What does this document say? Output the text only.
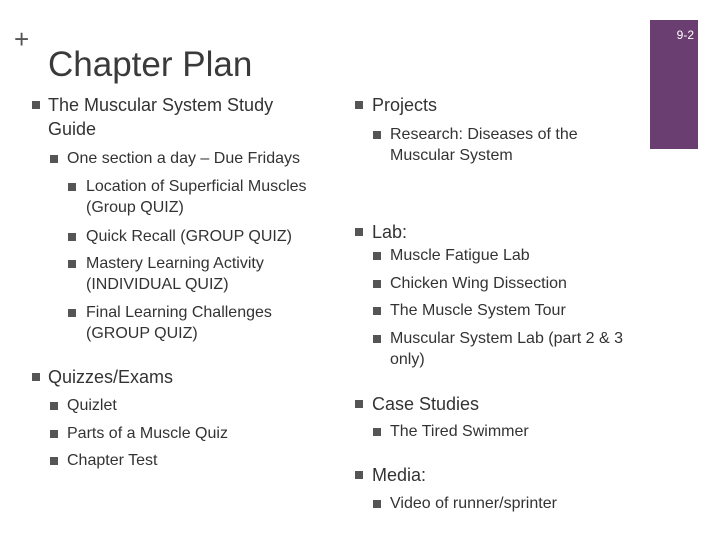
+
Chapter Plan
9-2
The Muscular System Study
Guide
One section a day – Due Fridays
Location of Superficial Muscles
(Group QUIZ)
Quick Recall (GROUP QUIZ)
Mastery Learning Activity
(INDIVIDUAL QUIZ)
Final Learning Challenges
(GROUP QUIZ)
Quizzes/Exams
Quizlet
Parts of a Muscle Quiz
Chapter Test
Projects
Research: Diseases of the
Muscular System
Lab:
Muscle Fatigue Lab
Chicken Wing Dissection
The Muscle System Tour
Muscular System Lab (part 2 & 3
only)
Case Studies
The Tired Swimmer
Media:
Video of runner/sprinter
